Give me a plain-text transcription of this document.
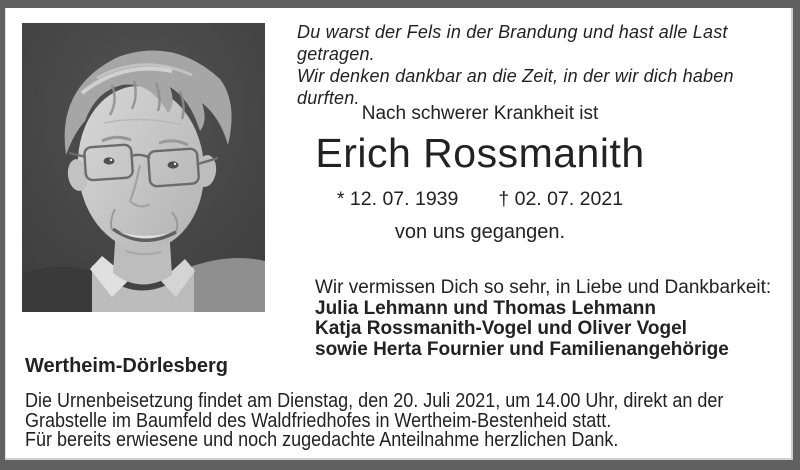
Du warst der Fels in der Brandung und hast alle Last getragen.
Wir denken dankbar an die Zeit, in der wir dich haben durften.
Nach schwerer Krankheit ist
Erich Rossmanith
* 12. 07. 1939 † 02. 07. 2021
von uns gegangen.
Wir vermissen Dich so sehr, in Liebe und Dankbarkeit:
Julia Lehmann und Thomas Lehmann
Katja Rossmanith-Vogel und Oliver Vogel
sowie Herta Fournier und Familienangehörige
Wertheim-Dörlesberg
Die Urnenbeisetzung findet am Dienstag, den 20. Juli 2021, um 14.00 Uhr, direkt an der
Grabstelle im Baumfeld des Waldfriedhofes in Wertheim-Bestenheid statt.
Für bereits erwiesene und noch zugedachte Anteilnahme herzlichen Dank.
